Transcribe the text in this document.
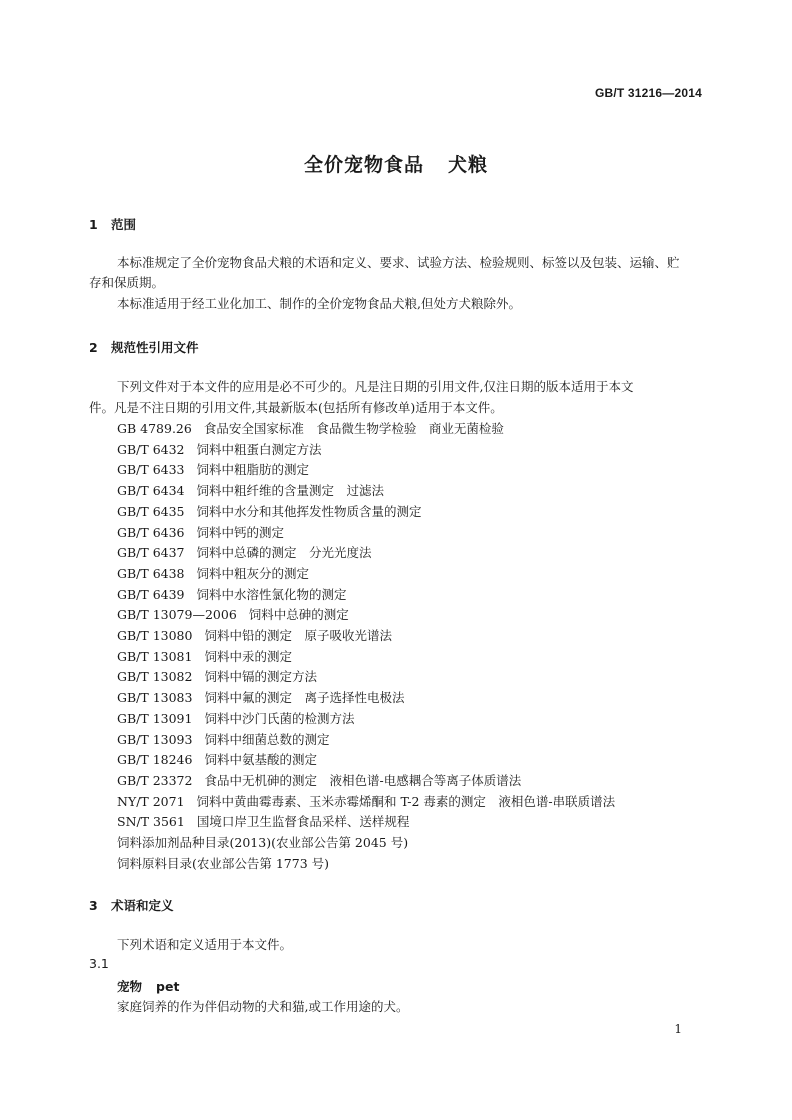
GB/T 31216—2014
全价宠物食品 犬粮
1 范围
本标准规定了全价宠物食品犬粮的术语和定义、要求、试验方法、检验规则、标签以及包装、运输、贮
存和保质期。
本标准适用于经工业化加工、制作的全价宠物食品犬粮,但处方犬粮除外。
2 规范性引用文件
下列文件对于本文件的应用是必不可少的。凡是注日期的引用文件,仅注日期的版本适用于本文
件。凡是不注日期的引用文件,其最新版本(包括所有修改单)适用于本文件。
GB 4789.26 食品安全国家标准　食品微生物学检验　商业无菌检验
GB/T 6432 饲料中粗蛋白测定方法
GB/T 6433 饲料中粗脂肪的测定
GB/T 6434 饲料中粗纤维的含量测定　过滤法
GB/T 6435 饲料中水分和其他挥发性物质含量的测定
GB/T 6436 饲料中钙的测定
GB/T 6437 饲料中总磷的测定　分光光度法
GB/T 6438 饲料中粗灰分的测定
GB/T 6439 饲料中水溶性氯化物的测定
GB/T 13079—2006 饲料中总砷的测定
GB/T 13080 饲料中铅的测定　原子吸收光谱法
GB/T 13081 饲料中汞的测定
GB/T 13082 饲料中镉的测定方法
GB/T 13083 饲料中氟的测定　离子选择性电极法
GB/T 13091 饲料中沙门氏菌的检测方法
GB/T 13093 饲料中细菌总数的测定
GB/T 18246 饲料中氨基酸的测定
GB/T 23372 食品中无机砷的测定　液相色谱-电感耦合等离子体质谱法
NY/T 2071 饲料中黄曲霉毒素、玉米赤霉烯酮和 T-2 毒素的测定　液相色谱-串联质谱法
SN/T 3561 国境口岸卫生监督食品采样、送样规程
饲料添加剂品种目录(2013)(农业部公告第 2045 号)
饲料原料目录(农业部公告第 1773 号)
3 术语和定义
下列术语和定义适用于本文件。
3.1
宠物 pet
家庭饲养的作为伴侣动物的犬和猫,或工作用途的犬。
1
